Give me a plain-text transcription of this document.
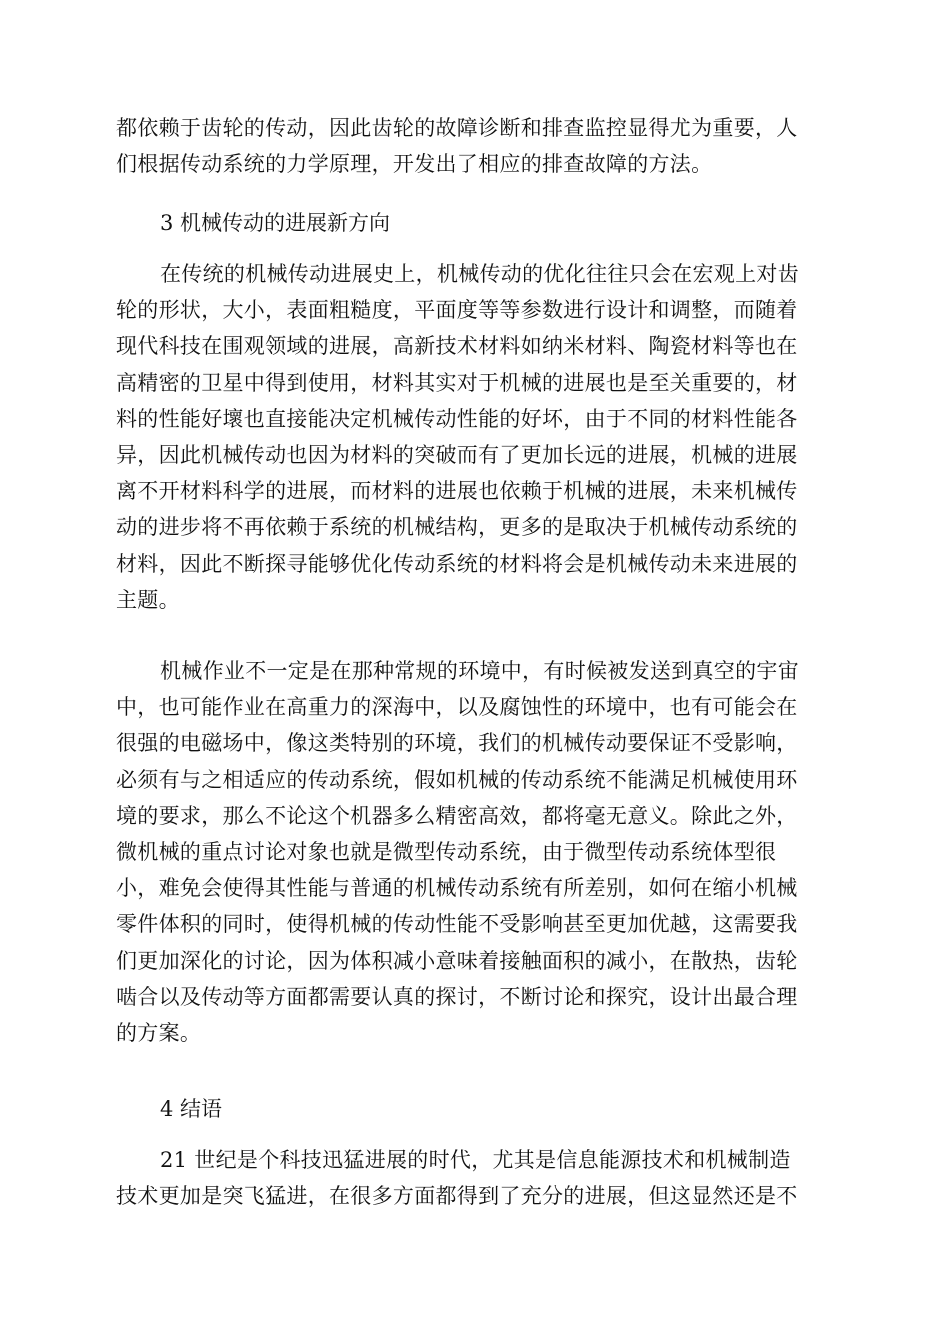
都依赖于齿轮的传动，因此齿轮的故障诊断和排查监控显得尤为重要，人
们根据传动系统的力学原理，开发出了相应的排查故障的方法。
3 机械传动的进展新方向
在传统的机械传动进展史上，机械传动的优化往往只会在宏观上对齿
轮的形状，大小，表面粗糙度，平面度等等参数进行设计和调整，而随着
现代科技在围观领域的进展，高新技术材料如纳米材料、陶瓷材料等也在
高精密的卫星中得到使用，材料其实对于机械的进展也是至关重要的，材
料的性能好壞也直接能决定机械传动性能的好坏，由于不同的材料性能各
异，因此机械传动也因为材料的突破而有了更加长远的进展，机械的进展
离不开材料科学的进展，而材料的进展也依赖于机械的进展，未来机械传
动的进步将不再依赖于系统的机械结构，更多的是取决于机械传动系统的
材料，因此不断探寻能够优化传动系统的材料将会是机械传动未来进展的
主题。
机械作业不一定是在那种常规的环境中，有时候被发送到真空的宇宙
中，也可能作业在高重力的深海中，以及腐蚀性的环境中，也有可能会在
很强的电磁场中，像这类特别的环境，我们的机械传动要保证不受影响，
必须有与之相适应的传动系统，假如机械的传动系统不能满足机械使用环
境的要求，那么不论这个机器多么精密高效，都将毫无意义。除此之外，
微机械的重点讨论对象也就是微型传动系统，由于微型传动系统体型很
小，难免会使得其性能与普通的机械传动系统有所差别，如何在缩小机械
零件体积的同时，使得机械的传动性能不受影响甚至更加优越，这需要我
们更加深化的讨论，因为体积减小意味着接触面积的减小，在散热，齿轮
啮合以及传动等方面都需要认真的探讨，不断讨论和探究，设计出最合理
的方案。
4 结语
21 世纪是个科技迅猛进展的时代，尤其是信息能源技术和机械制造
技术更加是突飞猛进，在很多方面都得到了充分的进展，但这显然还是不
